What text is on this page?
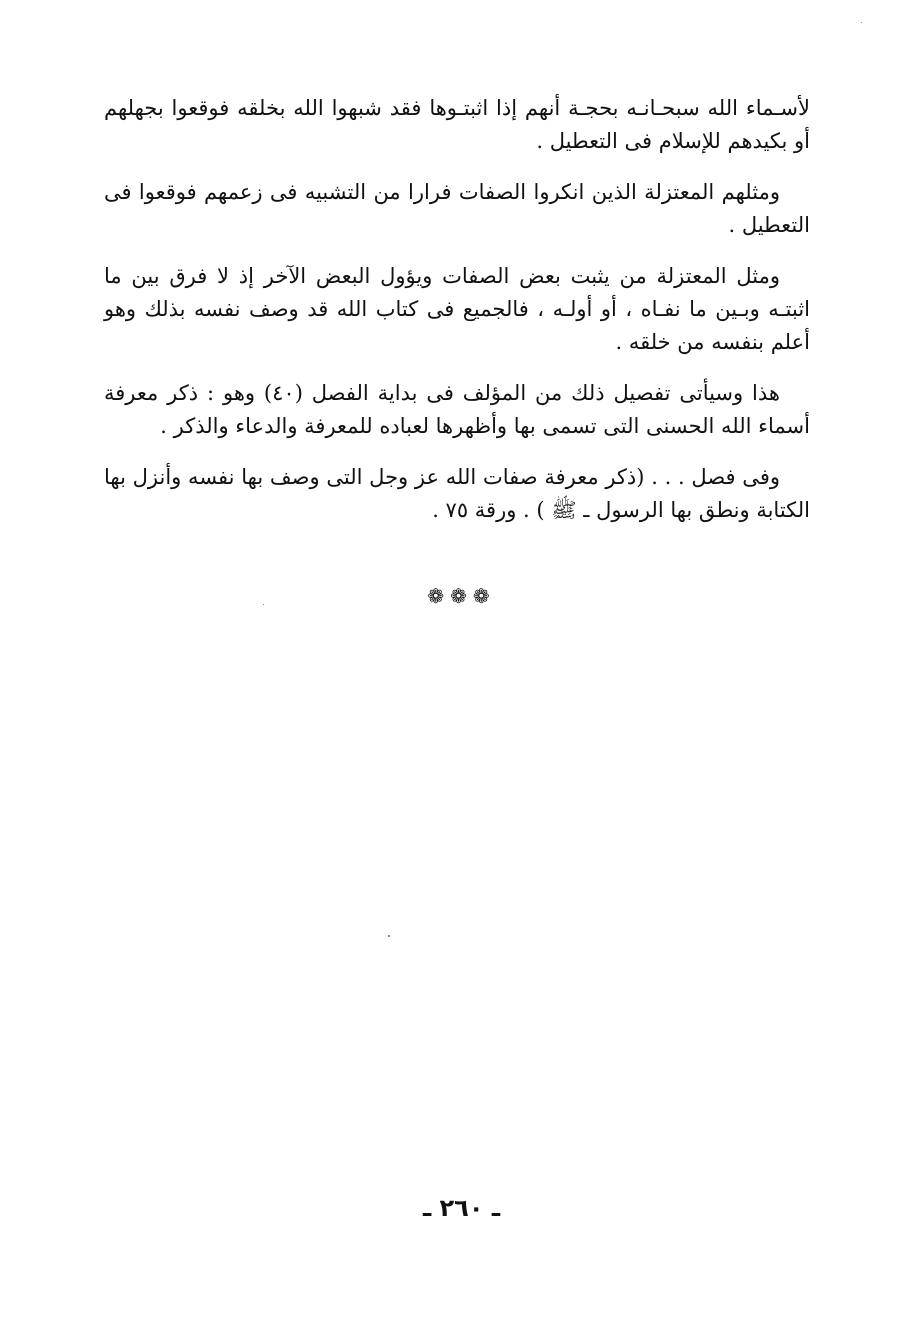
لأسـماء الله سبحـانـه بحجـة أنهم إذا اثبتـوها فقد شبهوا الله بخلقه فوقعوا بجهلهم أو بكيدهم للإسلام فى التعطيل .

ومثلهم المعتزلة الذين انكروا الصفات فرارا من التشبيه فى زعمهم فوقعوا فى التعطيل .

ومثل المعتزلة من يثبت بعض الصفات ويؤول البعض الآخر إذ لا فرق بين ما اثبتـه وبـين ما نفـاه ، أو أولـه ، فالجميع فى كتاب الله قد وصف نفسه بذلك وهو أعلم بنفسه من خلقه .

هذا وسيأتى تفصيل ذلك من المؤلف فى بداية الفصل (٤٠) وهو : ذكر معرفة أسماء الله الحسنى التى تسمى بها وأظهرها لعباده للمعرفة والدعاء والذكر .

وفى فصل . . . (ذكر معرفة صفات الله عز وجل التى وصف بها نفسه وأنزل بها الكتابة ونطق بها الرسول ـ ﷺ ) . ورقة ٧٥ .

❁❁❁
ـ ٢٦٠ ـ
